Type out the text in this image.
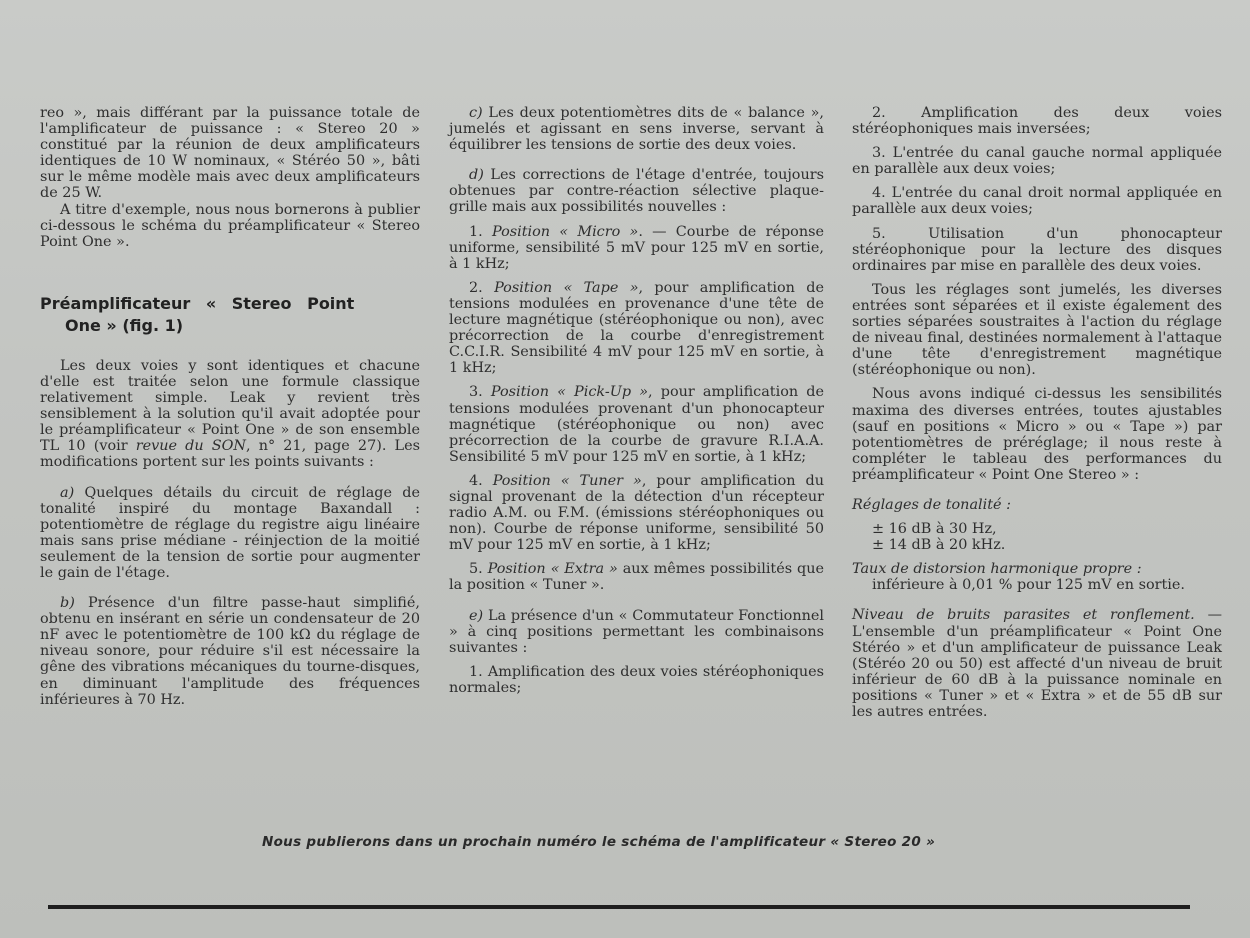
reo », mais différant par la puissance totale de l'amplificateur de puissance : « Stereo 20 » constitué par la réunion de deux amplificateurs identiques de 10 W nominaux, « Stéréo 50 », bâti sur le même modèle mais avec deux amplificateurs de 25 W.

A titre d'exemple, nous nous bornerons à publier ci-dessous le schéma du préamplificateur « Stereo Point One ».

Préamplificateur « Stereo Point
One » (fig. 1)

Les deux voies y sont identiques et chacune d'elle est traitée selon une formule classique relativement simple. Leak y revient très sensiblement à la solution qu'il avait adoptée pour le préamplificateur « Point One » de son ensemble TL 10 (voir revue du SON, n° 21, page 27). Les modifications portent sur les points suivants :

a) Quelques détails du circuit de réglage de tonalité inspiré du montage Baxandall : potentiomètre de réglage du registre aigu linéaire mais sans prise médiane - réinjection de la moitié seulement de la tension de sortie pour augmenter le gain de l'étage.

b) Présence d'un filtre passe-haut simplifié, obtenu en insérant en série un condensateur de 20 nF avec le potentiomètre de 100 kΩ du réglage de niveau sonore, pour réduire s'il est nécessaire la gêne des vibrations mécaniques du tourne-disques, en diminuant l'amplitude des fréquences inférieures à 70 Hz.

c) Les deux potentiomètres dits de « balance », jumelés et agissant en sens inverse, servant à équilibrer les tensions de sortie des deux voies.

d) Les corrections de l'étage d'entrée, toujours obtenues par contre-réaction sélective plaque-grille mais aux possibilités nouvelles :

1. Position « Micro ». — Courbe de réponse uniforme, sensibilité 5 mV pour 125 mV en sortie, à 1 kHz;

2. Position « Tape », pour amplification de tensions modulées en provenance d'une tête de lecture magnétique (stéréophonique ou non), avec précorrection de la courbe d'enregistrement C.C.I.R. Sensibilité 4 mV pour 125 mV en sortie, à 1 kHz;

3. Position « Pick-Up », pour amplification de tensions modulées provenant d'un phonocapteur magnétique (stéréophonique ou non) avec précorrection de la courbe de gravure R.I.A.A. Sensibilité 5 mV pour 125 mV en sortie, à 1 kHz;

4. Position « Tuner », pour amplification du signal provenant de la détection d'un récepteur radio A.M. ou F.M. (émissions stéréophoniques ou non). Courbe de réponse uniforme, sensibilité 50 mV pour 125 mV en sortie, à 1 kHz;

5. Position « Extra » aux mêmes possibilités que la position « Tuner ».

e) La présence d'un « Commutateur Fonctionnel » à cinq positions permettant les combinaisons suivantes :

1. Amplification des deux voies stéréophoniques normales;

2. Amplification des deux voies stéréophoniques mais inversées;

3. L'entrée du canal gauche normal appliquée en parallèle aux deux voies;

4. L'entrée du canal droit normal appliquée en parallèle aux deux voies;

5. Utilisation d'un phonocapteur stéréophonique pour la lecture des disques ordinaires par mise en parallèle des deux voies.

Tous les réglages sont jumelés, les diverses entrées sont séparées et il existe également des sorties séparées soustraites à l'action du réglage de niveau final, destinées normalement à l'attaque d'une tête d'enregistrement magnétique (stéréophonique ou non).

Nous avons indiqué ci-dessus les sensibilités maxima des diverses entrées, toutes ajustables (sauf en positions « Micro » ou « Tape ») par potentiomètres de préréglage; il nous reste à compléter le tableau des performances du préamplificateur « Point One Stereo » :

Réglages de tonalité :

± 16 dB à 30 Hz,

± 14 dB à 20 kHz.

Taux de distorsion harmonique propre :

inférieure à 0,01 % pour 125 mV en sortie.

Niveau de bruits parasites et ronflement. — L'ensemble d'un préamplificateur « Point One Stéréo » et d'un amplificateur de puissance Leak (Stéréo 20 ou 50) est affecté d'un niveau de bruit inférieur de 60 dB à la puissance nominale en positions « Tuner » et « Extra » et de 55 dB sur les autres entrées.

Nous publierons dans un prochain numéro le schéma de l'amplificateur « Stereo 20 »
